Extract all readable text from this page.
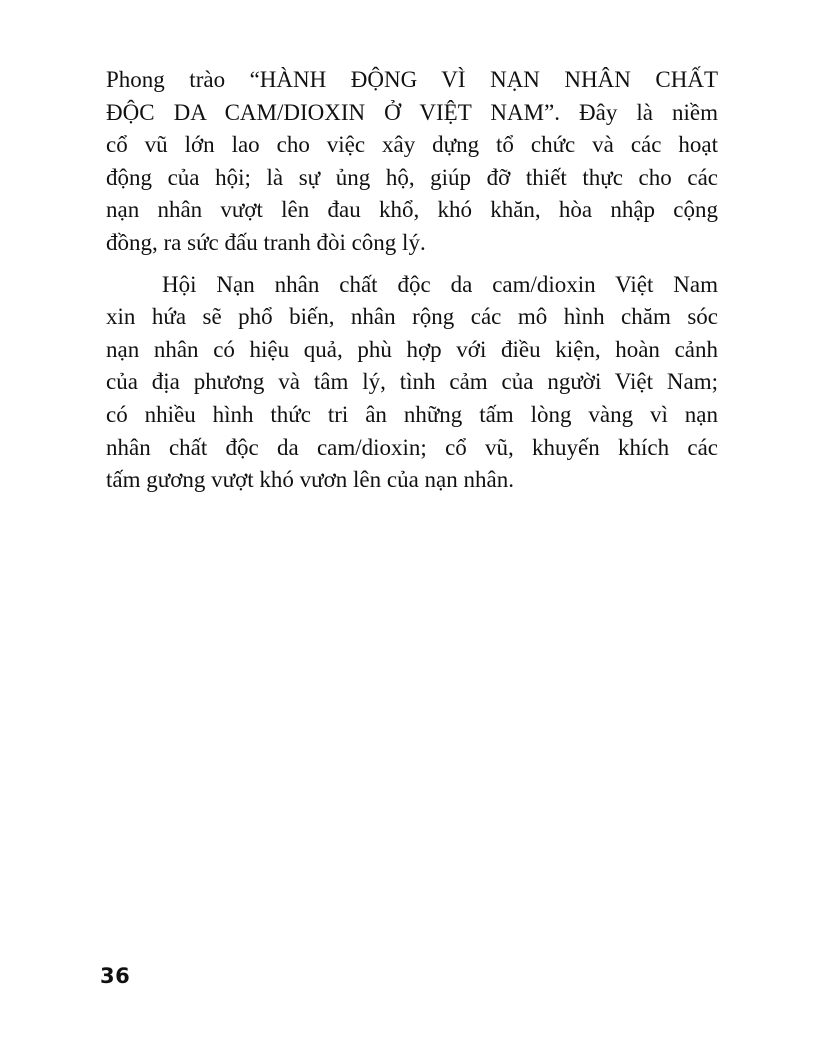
Phong trào “HÀNH ĐỘNG VÌ NẠN NHÂN CHẤT
ĐỘC DA CAM/DIOXIN Ở VIỆT NAM”. Đây là niềm
cổ vũ lớn lao cho việc xây dựng tổ chức và các hoạt
động của hội; là sự ủng hộ, giúp đỡ thiết thực cho các
nạn nhân vượt lên đau khổ, khó khăn, hòa nhập cộng
đồng, ra sức đấu tranh đòi công lý.
Hội Nạn nhân chất độc da cam/dioxin Việt Nam
xin hứa sẽ phổ biến, nhân rộng các mô hình chăm sóc
nạn nhân có hiệu quả, phù hợp với điều kiện, hoàn cảnh
của địa phương và tâm lý, tình cảm của người Việt Nam;
có nhiều hình thức tri ân những tấm lòng vàng vì nạn
nhân chất độc da cam/dioxin; cổ vũ, khuyến khích các
tấm gương vượt khó vươn lên của nạn nhân.
36
